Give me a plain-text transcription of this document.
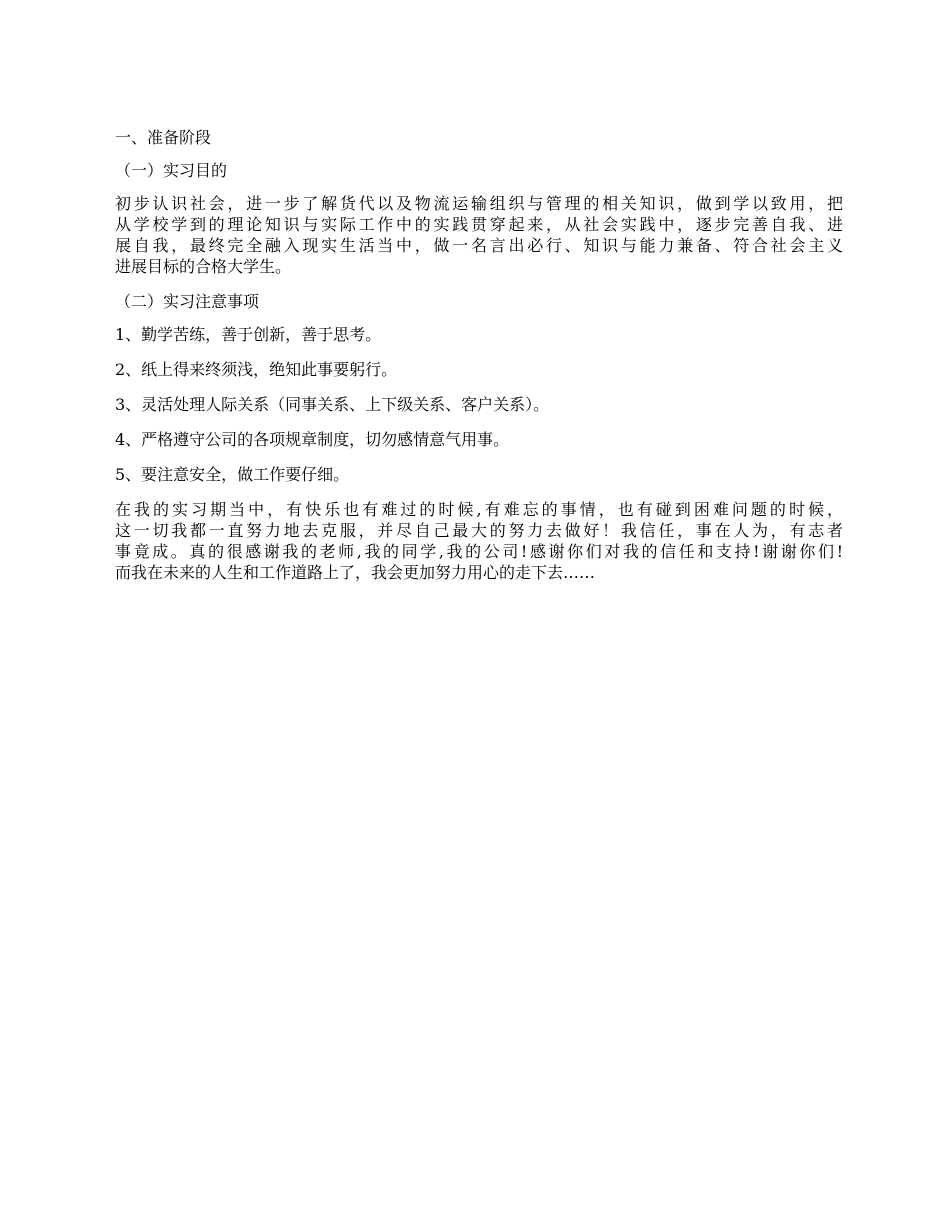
一、准备阶段
（一）实习目的
初步认识社会，进一步了解货代以及物流运输组织与管理的相关知识，做到学以致用，把
从学校学到的理论知识与实际工作中的实践贯穿起来，从社会实践中，逐步完善自我、进
展自我，最终完全融入现实生活当中，做一名言出必行、知识与能力兼备、符合社会主义
进展目标的合格大学生。
（二）实习注意事项
1、勤学苦练，善于创新，善于思考。
2、纸上得来终须浅，绝知此事要躬行。
3、灵活处理人际关系（同事关系、上下级关系、客户关系）。
4、严格遵守公司的各项规章制度，切勿感情意气用事。
5、要注意安全，做工作要仔细。
在我的实习期当中，有快乐也有难过的时候,有难忘的事情，也有碰到困难问题的时候，
这一切我都一直努力地去克服，并尽自己最大的努力去做好！我信任，事在人为，有志者
事竟成。真的很感谢我的老师,我的同学,我的公司!感谢你们对我的信任和支持!谢谢你们!
而我在未来的人生和工作道路上了，我会更加努力用心的走下去……
